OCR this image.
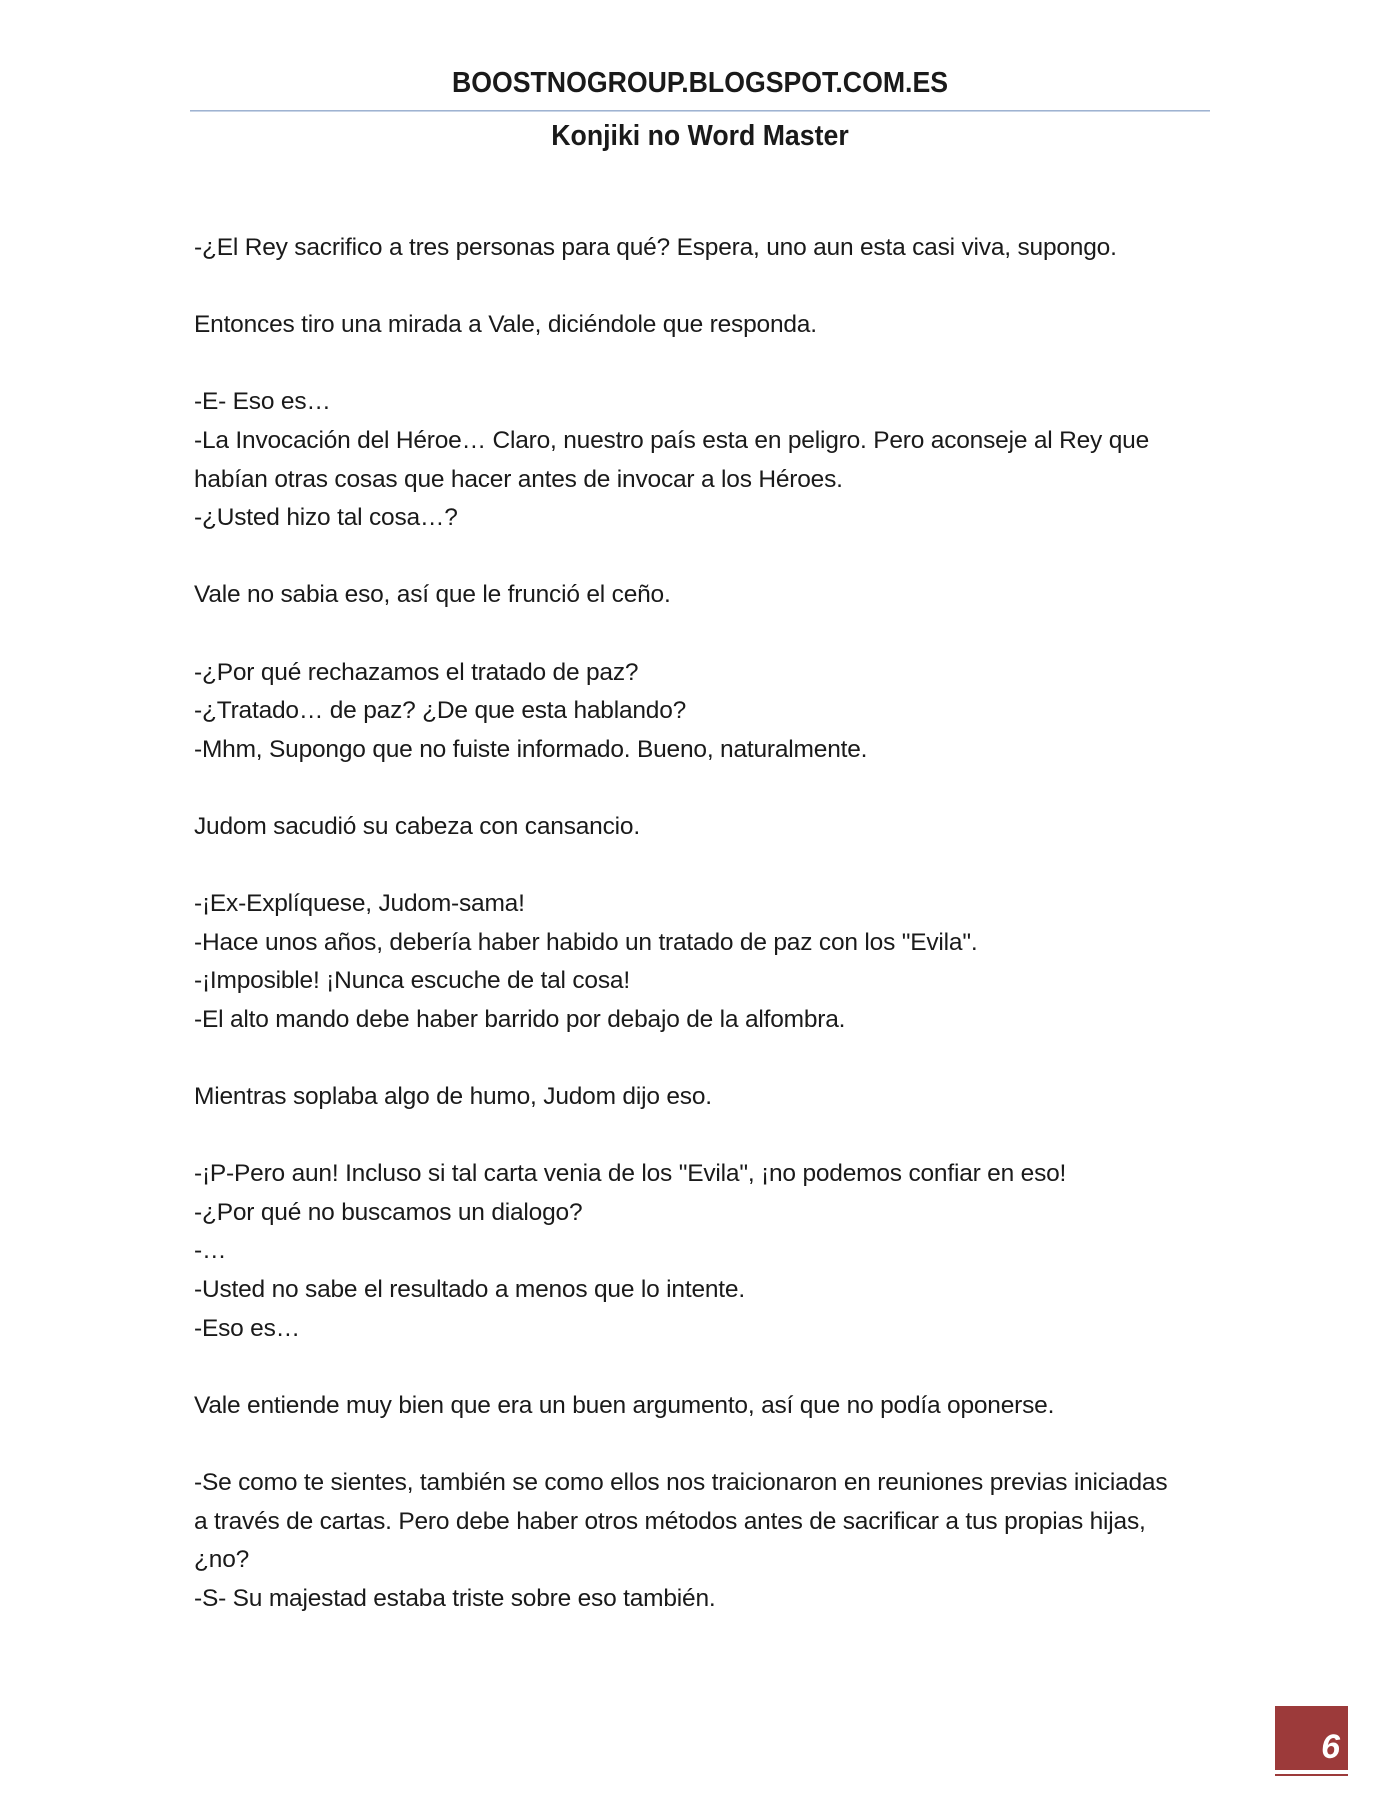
BOOSTNOGROUP.BLOGSPOT.COM.ES
Konjiki no Word Master
-¿El Rey sacrifico a tres personas para qué? Espera, uno aun esta casi viva, supongo.
Entonces tiro una mirada a Vale, diciéndole que responda.
-E- Eso es…
-La Invocación del Héroe… Claro, nuestro país esta en peligro. Pero aconseje al Rey que
habían otras cosas que hacer antes de invocar a los Héroes.
-¿Usted hizo tal cosa…?
Vale no sabia eso, así que le frunció el ceño.
-¿Por qué rechazamos el tratado de paz?
-¿Tratado… de paz? ¿De que esta hablando?
-Mhm, Supongo que no fuiste informado. Bueno, naturalmente.
Judom sacudió su cabeza con cansancio.
-¡Ex-Explíquese, Judom-sama!
-Hace unos años, debería haber habido un tratado de paz con los "Evila".
-¡Imposible! ¡Nunca escuche de tal cosa!
-El alto mando debe haber barrido por debajo de la alfombra.
Mientras soplaba algo de humo, Judom dijo eso.
-¡P-Pero aun! Incluso si tal carta venia de los "Evila", ¡no podemos confiar en eso!
-¿Por qué no buscamos un dialogo?
-…
-Usted no sabe el resultado a menos que lo intente.
-Eso es…
Vale entiende muy bien que era un buen argumento, así que no podía oponerse.
-Se como te sientes, también se como ellos nos traicionaron en reuniones previas iniciadas
a través de cartas. Pero debe haber otros métodos antes de sacrificar a tus propias hijas,
¿no?
-S- Su majestad estaba triste sobre eso también.
6
